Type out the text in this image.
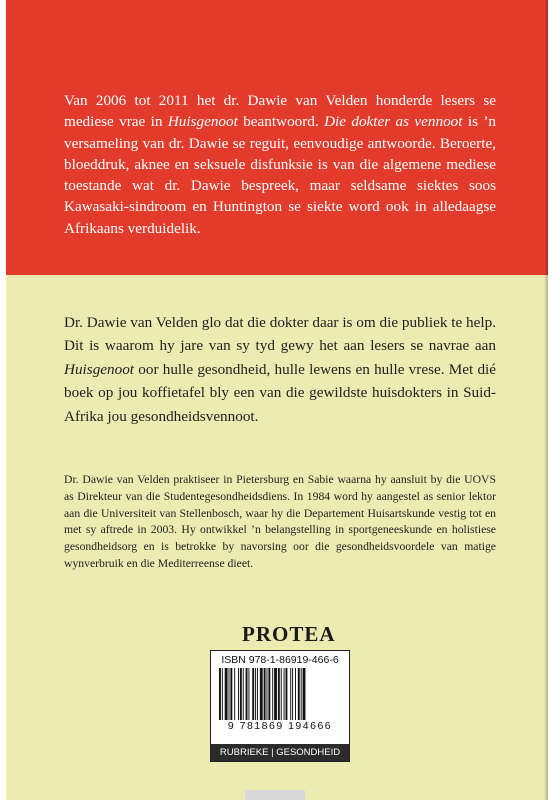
Van 2006 tot 2011 het dr. Dawie van Velden honderde lesers se mediese vrae in Huisgenoot beantwoord. Die dokter as vennoot is ’n versameling van dr. Dawie se reguit, eenvoudige antwoorde. Beroerte, bloeddruk, aknee en seksuele disfunksie is van die algemene mediese toestande wat dr. Dawie bespreek, maar seldsame siektes soos Kawasaki-sindroom en Huntington se siekte word ook in alledaagse Afrikaans verduidelik.

Dr. Dawie van Velden glo dat die dokter daar is om die publiek te help. Dit is waarom hy jare van sy tyd gewy het aan lesers se navrae aan Huisgenoot oor hulle gesondheid, hulle lewens en hulle vrese. Met dié boek op jou koffietafel bly een van die gewildste huisdokters in Suid-Afrika jou gesondheidsvennoot.

Dr. Dawie van Velden praktiseer in Pietersburg en Sabie waarna hy aansluit by die UOVS as Direkteur van die Studentegesondheidsdiens. In 1984 word hy aangestel as senior lektor aan die Universiteit van Stellenbosch, waar hy die Departement Huisartskunde vestig tot en met sy aftrede in 2003. Hy ontwikkel ’n belangstelling in sportgeneeskunde en holistiese gesondheidsorg en is betrokke by navorsing oor die gesondheidsvoordele van matige wynverbruik en die Mediterreense dieet.

PROTEA
ISBN 978-1-86919-466-6
9 781869 194666
RUBRIEKE | GESONDHEID
